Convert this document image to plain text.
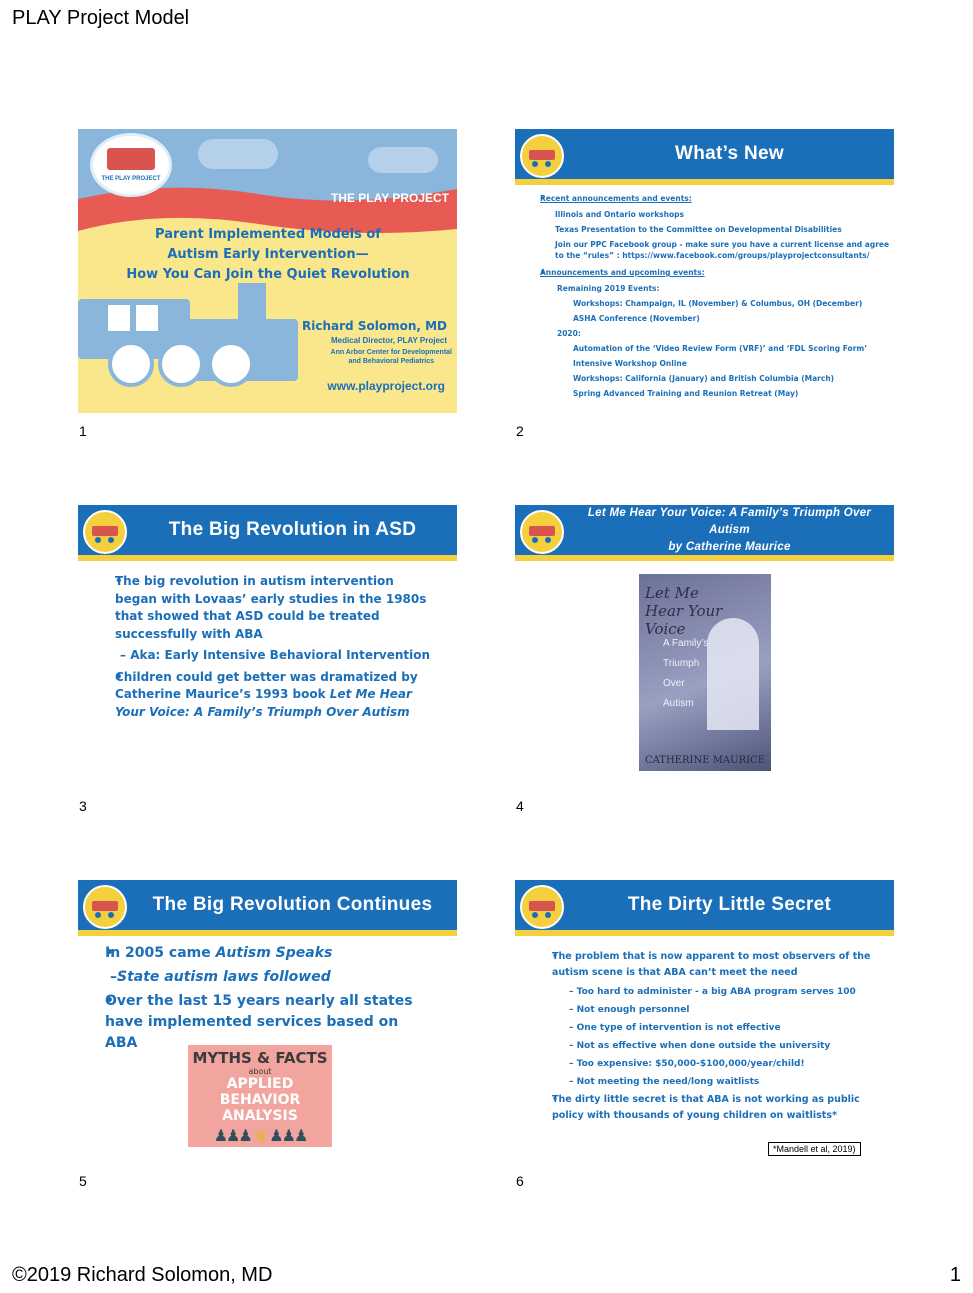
PLAY Project Model
THE PLAY PROJECT
THE PLAY PROJECT
Parent Implemented Models of
Autism Early Intervention—
How You Can Join the Quiet Revolution
Richard Solomon, MD
Medical Director, PLAY Project
Ann Arbor Center for Developmental
and Behavioral Pediatrics
www.playproject.org
1
What’s New
• Recent announcements and events:
Illinois and Ontario workshops
Texas Presentation to the Committee on Developmental Disabilities
Join our PPC Facebook group - make sure you have a current license and agree to the “rules” : https://www.facebook.com/groups/playprojectconsultants/
• Announcements and upcoming events:
Remaining 2019 Events:
Workshops: Champaign, IL (November) & Columbus, OH (December)
ASHA Conference (November)
2020:
Automation of the ‘Video Review Form (VRF)’ and ‘FDL Scoring Form’
Intensive Workshop Online
Workshops: California (January) and British Columbia (March)
Spring Advanced Training and Reunion Retreat (May)
2
The Big Revolution in ASD
• The big revolution in autism intervention began with Lovaas’ early studies in the 1980s that showed that ASD could be treated successfully with ABA
– Aka: Early Intensive Behavioral Intervention
• Children could get better was dramatized by Catherine Maurice’s 1993 book Let Me Hear Your Voice: A Family’s Triumph Over Autism
3
Let Me Hear Your Voice: A Family’s Triumph Over Autism
by Catherine Maurice
Let Me Hear Your Voice
A Family’s Triumph Over Autism
CATHERINE MAURICE
4
The Big Revolution Continues
• In 2005 came Autism Speaks
–State autism laws followed
• Over the last 15 years nearly all states have implemented services based on ABA
MYTHS & FACTS
about
APPLIED BEHAVIOR
ANALYSIS
♟♟♟ ♛ ♟♟♟
5
The Dirty Little Secret
• The problem that is now apparent to most observers of the autism scene is that ABA can’t meet the need
– Too hard to administer - a big ABA program serves 100
– Not enough personnel
– One type of intervention is not effective
– Not as effective when done outside the university
– Too expensive: $50,000-$100,000/year/child!
– Not meeting the need/long waitlists
• The dirty little secret is that ABA is not working as public policy with thousands of young children on waitlists*
*Mandell et al, 2019)
6
©2019 Richard Solomon, MD	1
